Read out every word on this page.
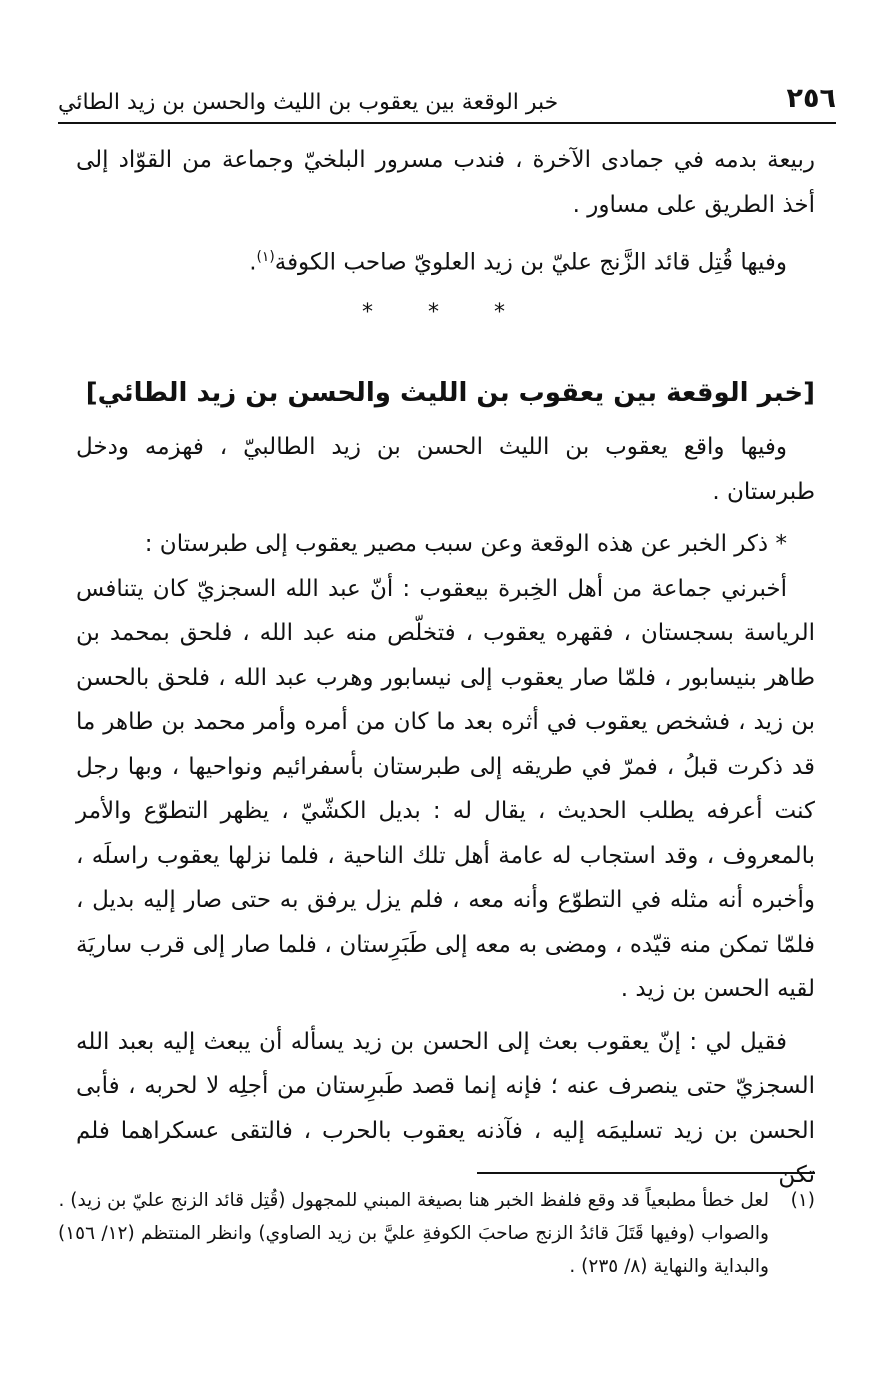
٢٥٦
خبر الوقعة بين يعقوب بن الليث والحسن بن زيد الطائي

ربيعة بدمه في جمادى الآخرة ، فندب مسرور البلخيّ وجماعة من القوّاد إلى أخذ الطريق على مساور .

وفيها قُتِل قائد الزَّنج عليّ بن زيد العلويّ صاحب الكوفة$^{(١)}$.

* * *
[خبر الوقعة بين يعقوب بن الليث والحسن بن زيد الطائي]

وفيها واقع يعقوب بن الليث الحسن بن زيد الطالبيّ ، فهزمه ودخل طبرستان .

* ذكر الخبر عن هذه الوقعة وعن سبب مصير يعقوب إلى طبرستان :

أخبرني جماعة من أهل الخِبرة بيعقوب : أنّ عبد الله السجزيّ كان يتنافس الرياسة بسجستان ، فقهره يعقوب ، فتخلّص منه عبد الله ، فلحق بمحمد بن طاهر بنيسابور ، فلمّا صار يعقوب إلى نيسابور وهرب عبد الله ، فلحق بالحسن بن زيد ، فشخص يعقوب في أثره بعد ما كان من أمره وأمر محمد بن طاهر ما قد ذكرت قبلُ ، فمرّ في طريقه إلى طبرستان بأسفرائيم ونواحيها ، وبها رجل كنت أعرفه يطلب الحديث ، يقال له : بديل الكشّيّ ، يظهر التطوّع والأمر بالمعروف ، وقد استجاب له عامة أهل تلك الناحية ، فلما نزلها يعقوب راسلَه ، وأخبره أنه مثله في التطوّع وأنه معه ، فلم يزل يرفق به حتى صار إليه بديل ، فلمّا تمكن منه قيّده ، ومضى به معه إلى طَبَرِستان ، فلما صار إلى قرب ساريَة لقيه الحسن بن زيد .

فقيل لي : إنّ يعقوب بعث إلى الحسن بن زيد يسأله أن يبعث إليه بعبد الله السجزيّ حتى ينصرف عنه ؛ فإنه إنما قصد طَبرِستان من أجلِه لا لحربه ، فأبى الحسن بن زيد تسليمَه إليه ، فآذنه يعقوب بالحرب ، فالتقى عسكراهما فلم تكن

(١)
لعل خطأ مطبعياً قد وقع فلفظ الخبر هنا بصيغة المبني للمجهول (قُتِل قائد الزنج عليّ بن زيد) .
والصواب (وفيها قَتَلَ قائدُ الزنج صاحبَ الكوفةِ عليَّ بن زيد الصاوي) وانظر المنتظم (١٢/ ١٥٦) والبداية والنهاية (٨/ ٢٣٥) .
